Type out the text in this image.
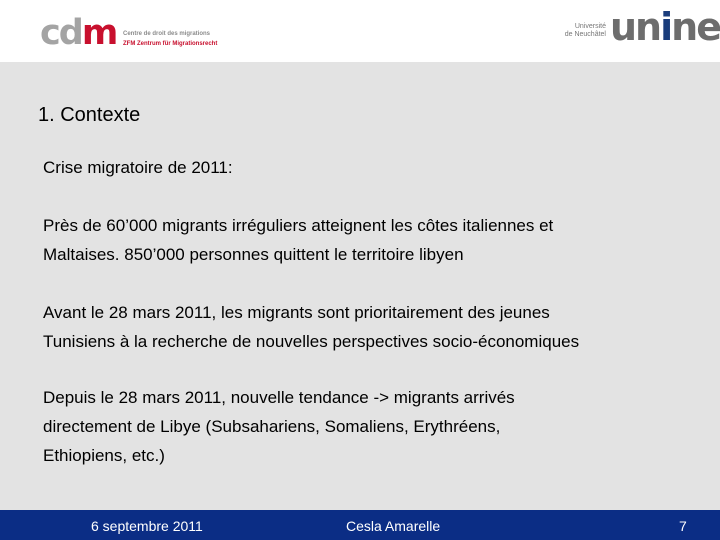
cdm Centre de droit des migrations
ZFM Zentrum für Migrationsrecht
Université
de Neuchâtel unine
1. Contexte

Crise migratoire de 2011:

Près de 60’000 migrants irréguliers atteignent les côtes italiennes et
Maltaises. 850’000 personnes quittent le territoire libyen
Avant le 28 mars 2011, les migrants sont prioritairement des jeunes
Tunisiens à la recherche de nouvelles perspectives socio-économiques
Depuis le 28 mars 2011, nouvelle tendance -> migrants arrivés
directement de Libye (Subsahariens, Somaliens, Erythréens,
Ethiopiens, etc.)
6 septembre 2011	Cesla Amarelle	7
